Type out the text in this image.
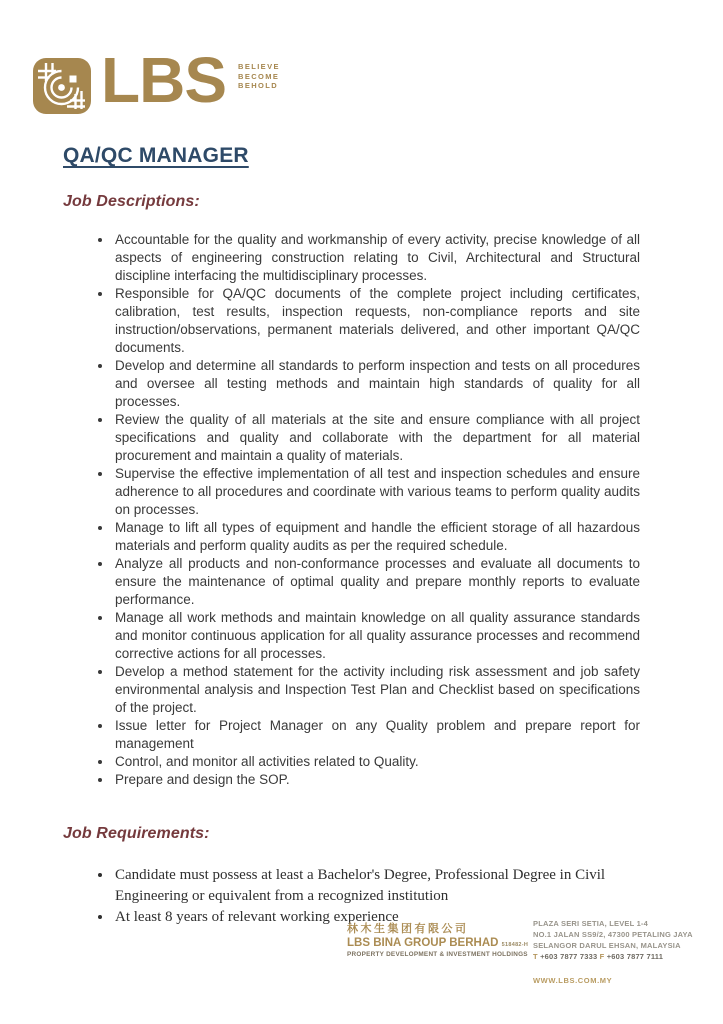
LBS BELIEVE
BECOME
BEHOLD
QA/QC MANAGER
Job Descriptions:
• Accountable for the quality and workmanship of every activity, precise knowledge of all aspects of engineering construction relating to Civil, Architectural and Structural discipline interfacing the multidisciplinary processes.
• Responsible for QA/QC documents of the complete project including certificates, calibration, test results, inspection requests, non-compliance reports and site instruction/observations, permanent materials delivered, and other important QA/QC documents.
• Develop and determine all standards to perform inspection and tests on all procedures and oversee all testing methods and maintain high standards of quality for all processes.
• Review the quality of all materials at the site and ensure compliance with all project specifications and quality and collaborate with the department for all material procurement and maintain a quality of materials.
• Supervise the effective implementation of all test and inspection schedules and ensure adherence to all procedures and coordinate with various teams to perform quality audits on processes.
• Manage to lift all types of equipment and handle the efficient storage of all hazardous materials and perform quality audits as per the required schedule.
• Analyze all products and non-conformance processes and evaluate all documents to ensure the maintenance of optimal quality and prepare monthly reports to evaluate performance.
• Manage all work methods and maintain knowledge on all quality assurance standards and monitor continuous application for all quality assurance processes and recommend corrective actions for all processes.
• Develop a method statement for the activity including risk assessment and job safety environmental analysis and Inspection Test Plan and Checklist based on specifications of the project.
• Issue letter for Project Manager on any Quality problem and prepare report for management
• Control, and monitor all activities related to Quality.
• Prepare and design the SOP.
Job Requirements:
• Candidate must possess at least a Bachelor's Degree, Professional Degree in Civil Engineering or equivalent from a recognized institution
• At least 8 years of relevant working experience
林木生集团有限公司
LBS BINA GROUP BERHAD 518482-H
PROPERTY DEVELOPMENT & INVESTMENT HOLDINGS
PLAZA SERI SETIA, LEVEL 1-4
NO.1 JALAN SS9/2, 47300 PETALING JAYA
SELANGOR DARUL EHSAN, MALAYSIA
T +603 7877 7333 F +603 7877 7111
WWW.LBS.COM.MY
